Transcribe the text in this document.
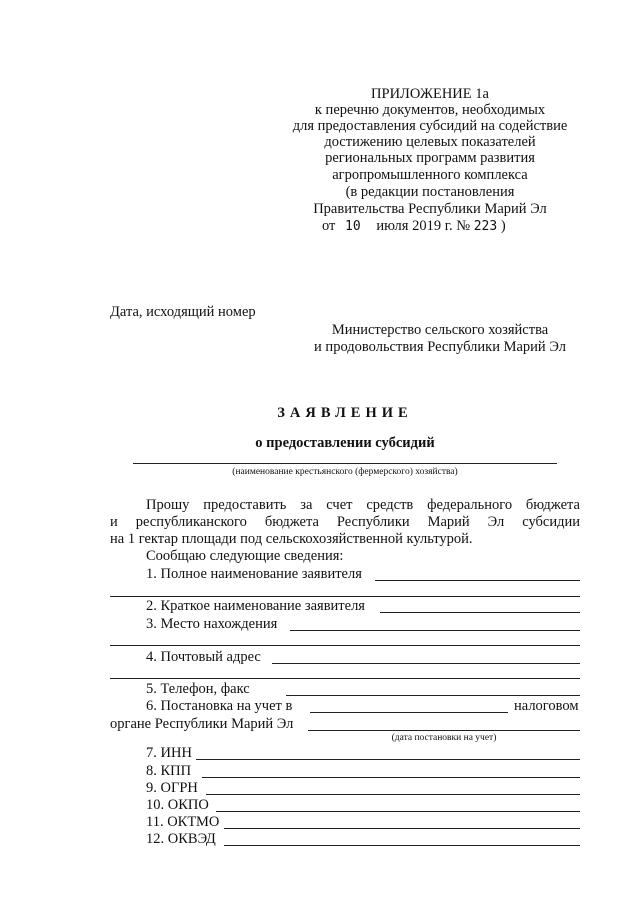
ПРИЛОЖЕНИЕ 1а
к перечню документов, необходимых
для предоставления субсидий на содействие
достижению целевых показателей
региональных программ развития
агропромышленного комплекса
(в редакции постановления
Правительства Республики Марий Эл
от 10 июля 2019 г. № 223 )
Дата, исходящий номер
Министерство сельского хозяйства
и продовольствия Республики Марий Эл
ЗАЯВЛЕНИЕ
о предоставлении субсидий
(наименование крестьянского (фермерского) хозяйства)
Прошу предоставить за счет средств федерального бюджета
и республиканского бюджета Республики Марий Эл субсидии
на 1 гектар площади под сельскохозяйственной культурой.
Сообщаю следующие сведения:
1. Полное наименование заявителя
2. Краткое наименование заявителя
3. Место нахождения
4. Почтовый адрес
5. Телефон, факс
6. Постановка на учет в	налоговом
органе Республики Марий Эл
(дата постановки на учет)
7. ИНН
8. КПП
9. ОГРН
10. ОКПО
11. ОКТМО
12. ОКВЭД
